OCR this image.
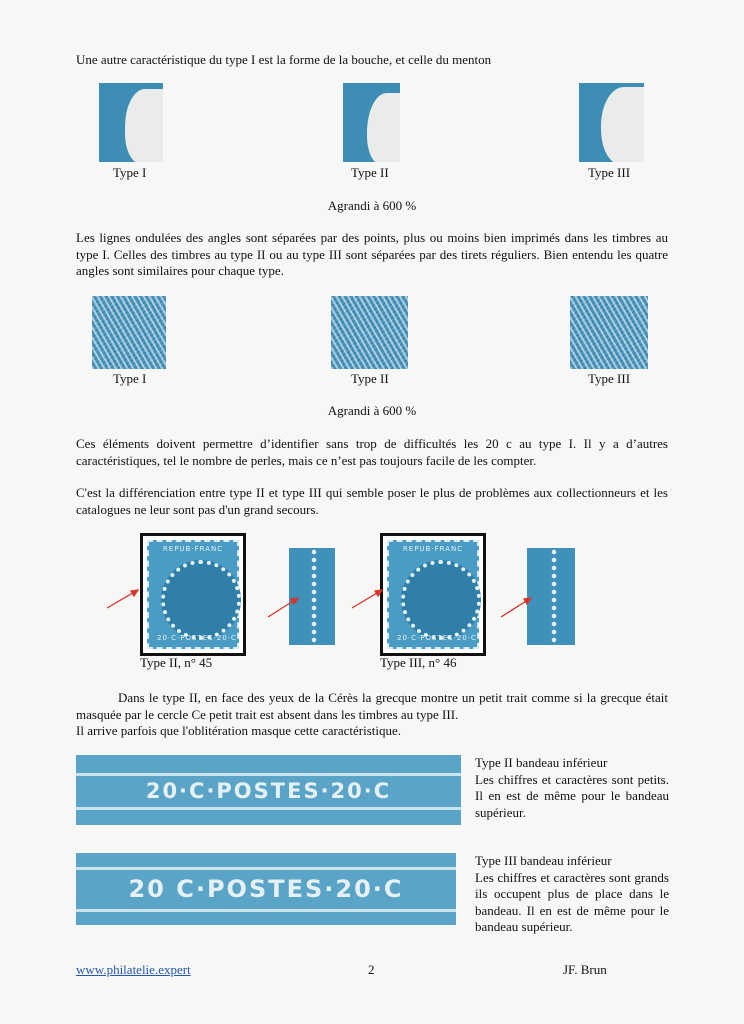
Une autre caractéristique du type I est la forme de la bouche, et celle du menton

Type I	Type II	Type III
Agrandi à 600 %

Les lignes ondulées des angles sont séparées par des points, plus ou moins bien imprimés dans les timbres au type I. Celles des timbres au type II ou au type III sont séparées par des tirets réguliers. Bien entendu les quatre angles sont similaires pour chaque type.

Type I	Type II	Type III
Agrandi à 600 %

Ces éléments doivent permettre d’identifier sans trop de difficultés les 20 c au type I. Il y a d’autres caractéristiques, tel le nombre de perles, mais ce n’est pas toujours facile de les compter.

C'est la différenciation entre type II et type III qui semble poser le plus de problèmes aux collectionneurs et les catalogues ne leur sont pas d'un grand secours.

REPUB·FRANC
20·C·POSTES·20·C
REPUB·FRANC
20·C·POSTES·20·C
Type II, n° 45	Type III, n° 46

Dans le type II, en face des yeux de la Cérès la grecque montre un petit trait comme si la grecque était masquée par le cercle Ce petit trait est absent dans les timbres au type III.

Il arrive parfois que l'oblitération masque cette caractéristique.

20·C·POSTES·20·C
Type II bandeau inférieur
Les chiffres et caractères sont petits. Il en est de même pour le bandeau supérieur.
20 C·POSTES·20·C
Type III bandeau inférieur
Les chiffres et caractères sont grands ils occupent plus de place dans le bandeau. Il en est de même pour le bandeau supérieur.
www.philatelie.expert	2	JF. Brun
